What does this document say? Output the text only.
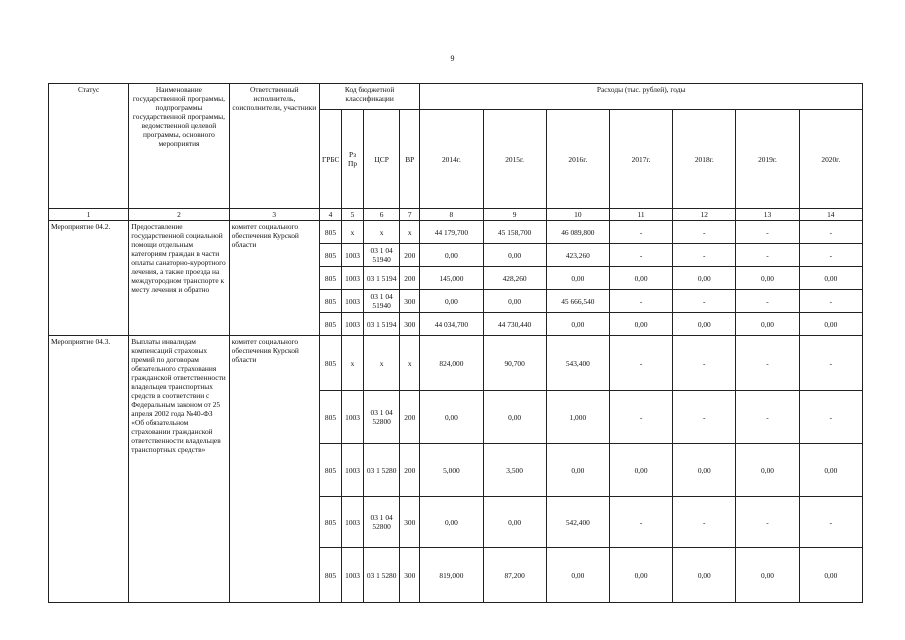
9
Статус	Наименование государственной программы, подпрограммы государственной программы, ведомственной целевой программы, основного мероприятия	Ответственный исполнитель, соисполнители, участники	Код бюджетной классификации				Расходы (тыс. рублей), годы						
			ГРБС	Рз Пр	ЦСР	ВР	2014г.	2015г.	2016г.	2017г.	2018г.	2019г.	2020г.
1	2	3	4	5	6	7	8	9	10	11	12	13	14
Мероприятие 04.2.	Предоставление государственной социальной помощи отдельным категориям граждан в части оплаты санаторно-курортного лечения, а также проезда на междугородном транспорте к месту лечения и обратно	комитет социального обеспечения Курской области	805	х	х	х	44 179,700	45 158,700	46 089,800	-	-	-	-
			805	1003	03 1 04 51940	200	0,00	0,00	423,260	-	-	-	-
			805	1003	03 1 5194	200	145,000	428,260	0,00	0,00	0,00	0,00	0,00
			805	1003	03 1 04 51940	300	0,00	0,00	45 666,540	-	-	-	-
			805	1003	03 1 5194	300	44 034,700	44 730,440	0,00	0,00	0,00	0,00	0,00
Мероприятие 04.3.	Выплаты инвалидам компенсаций страховых премий по договорам обязательного страхования гражданской ответственности владельцев транспортных средств в соответствии с Федеральным законом от 25 апреля 2002 года №40-ФЗ «Об обязательном страховании гражданской ответственности владельцев транспортных средств»	комитет социального обеспечения Курской области	805	х	х	х	824,000	90,700	543,400	-	-	-	-
			805	1003	03 1 04 52800	200	0,00	0,00	1,000	-	-	-	-
			805	1003	03 1 5280	200	5,000	3,500	0,00	0,00	0,00	0,00	0,00
			805	1003	03 1 04 52800	300	0,00	0,00	542,400	-	-	-	-
			805	1003	03 1 5280	300	819,000	87,200	0,00	0,00	0,00	0,00	0,00
